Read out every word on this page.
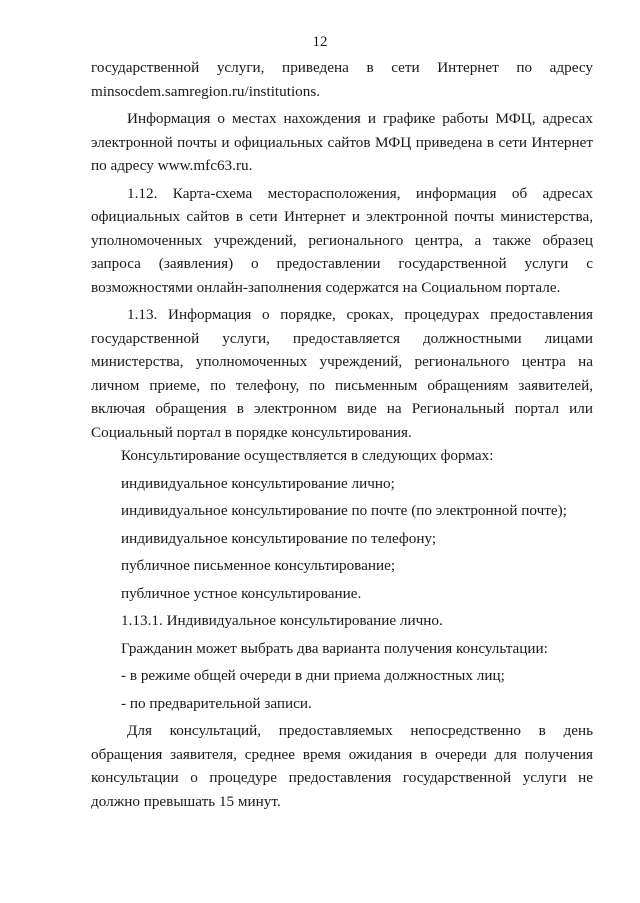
12
государственной услуги, приведена в сети Интернет по адресу
minsocdem.samregion.ru/institutions.
Информация о местах нахождения и графике работы МФЦ, адресах
электронной почты и официальных сайтов МФЦ приведена в сети Интернет
по адресу www.mfc63.ru.
1.12. Карта-схема месторасположения, информация об адресах
официальных сайтов в сети Интернет и электронной почты министерства,
уполномоченных учреждений, регионального центра, а также образец
запроса (заявления) о предоставлении государственной услуги с
возможностями онлайн-заполнения содержатся на Социальном портале.
1.13. Информация о порядке, сроках, процедурах предоставления
государственной услуги, предоставляется должностными лицами
министерства, уполномоченных учреждений, регионального центра на
личном приеме, по телефону, по письменным обращениям заявителей,
включая обращения в электронном виде на Региональный портал или
Социальный портал в порядке консультирования.
Консультирование осуществляется в следующих формах:
индивидуальное консультирование лично;
индивидуальное консультирование по почте (по электронной почте);
индивидуальное консультирование по телефону;
публичное письменное консультирование;
публичное устное консультирование.
1.13.1. Индивидуальное консультирование лично.
Гражданин может выбрать два варианта получения консультации:
- в режиме общей очереди в дни приема должностных лиц;
- по предварительной записи.
Для консультаций, предоставляемых непосредственно в день
обращения заявителя, среднее время ожидания в очереди для получения
консультации о процедуре предоставления государственной услуги не
должно превышать 15 минут.
